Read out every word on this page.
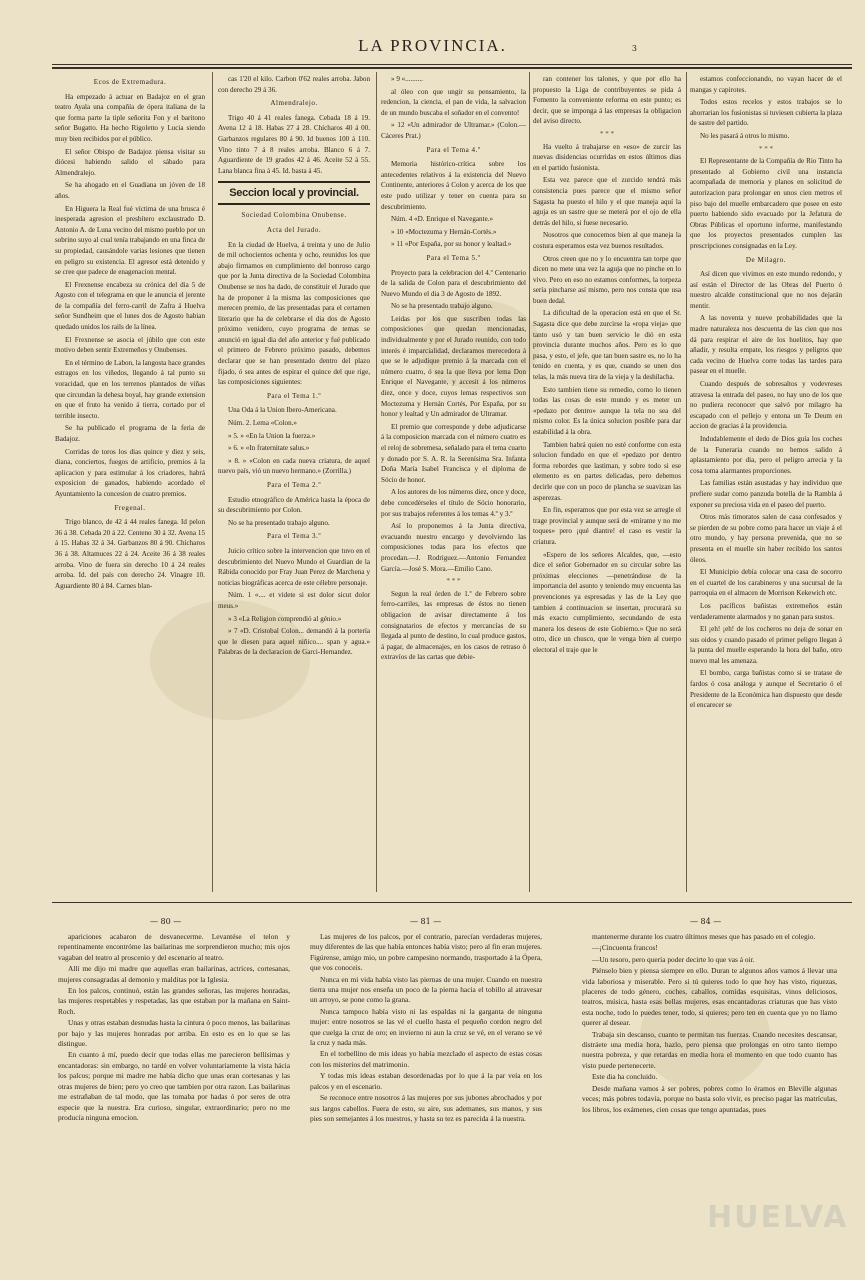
LA PROVINCIA.	3

Ecos de Extremadura.

Ha empezado á actuar en Badajoz en el gran teatro Ayala una compañía de ópera italiana de la que forma parte la tiple señorita Fon y el barítono señor Bugatto. Ha hecho Rigoletto y Lucia siendo muy bien recibidos por el público.

El señor Obispo de Badajoz piensa visitar su diócesi habiendo salido el sábado para Almendralejo.

Se ha ahogado en el Guadiana un jóven de 18 años.

En Higuera la Real fué víctima de una brusca é inesperada agresion el presbítero exclaustrado D. Antonio A. de Luna vecino del mismo pueblo por un sobrino suyo al cual tenía trabajando en una finca de su propiedad, causándole varias lesiones que tienen en peligro su existencia. El agresor está detenido y se cree que padece de enagenacion mental.

El Frexnense encabeza su crónica del dia 5 de Agosto con el telegrama en que le anuncia el jerente de la compañía del ferro-carril de Zafra á Huelva señor Sundheim que el lunes dos de Agosto habian quedado unidos los rails de la línea.

El Frexnense se asocia el júbilo que con este motivo deben sentir Extremeños y Onubenses.

En el término de Labon, la langosta hace grandes estragos en los viñedos, llegando á tal punto su voracidad, que en los terrenos plantados de viñas que circundan la dehesa boyal, hay grande extension en que el fruto ha venido á tierra, cortado por el terrible insecto.

Se ha publicado el programa de la feria de Badajoz.

Corridas de toros los dias quince y diez y seis, diana, conciertos, fuegos de artificio, premios á la aplicacion y para estimular á los criadores, habrá exposicion de ganados, habiendo acordado el Ayuntamiento la concesion de cuatro premios.

Fregenal.

Trigo blanco, de 42 á 44 reales fanega. Id pelon 36 á 38. Cebada 20 á 22. Centeno 30 á 32. Avena 15 á 15. Habas 32 á 34. Garbanzos 80 á 90. Chícharos 36 á 38. Altamuces 22 á 24. Aceite 36 á 38 reales arroba. Vino de fuera sin derecho 10 á 24 reales arroba. Id. del país con derecho 24. Vinagre 10. Aguardiente 80 á 84. Carnes blan-

cas 1'20 el kilo. Carbon 0'62 reales arroba. Jabon con derecho 29 á 36.

Almendralejo.

Trigo 40 á 41 reales fanega. Cebada 18 á 19. Avena 12 á 18. Habas 27 á 28. Chícharos 40 á 00. Garbanzos regulares 80 á 90. Id buenos 100 á 110. Vino tinto 7 á 8 reales arroba. Blanco 6 á 7. Aguardiente de 19 grados 42 á 46. Aceite 52 á 55. Lana blanca fina á 45. Id. basta á 45.

Seccion local y provincial.

Sociedad Colombina Onubense.

Acta del Jurado.

En la ciudad de Huelva, á treinta y uno de Julio de mil ochocientos ochenta y ocho, reunidos los que abajo firmamos en cumplimiento del honroso cargo que por la Junta directiva de la Sociedad Colombina Onubense se nos ha dado, de constituir el Jurado que ha de proponer á la misma las composiciones que merecen premio, de las presentadas para el certamen literario que ha de celebrarse el dia dos de Agosto próximo venidero, cuyo programa de temas se anunció en igual dia del año anterior y fué publicado el primero de Febrero próximo pasado, debemos declarar que se han presentado dentro del plazo fijado, ó sea antes de espirar el quince del que rige, las composiciones siguientes:

Para el Tema 1.º

Una Oda á la Union Ibero-Americana.

Núm. 2. Lema «Colon.»

» 5. » «En la Union la fuerza.»

» 6. » «In fraternitate salus.»

» 8. » «Colon en cada nueva criatura, de aquel nuevo país, vió un nuevo hermano.» (Zorrilla.)

Para el Tema 2.º

Estudio etnográfico de América hasta la época de su descubrimiento por Colon.

No se ha presentado trabajo alguno.

Para el Tema 3.º

Juicio crítico sobre la intervencion que tuvo en el descubrimiento del Nuevo Mundo el Guardian de la Rábida conocido por Fray Juan Perez de Marchena y noticias biográficas acerca de este célebre personaje.

Núm. 1 «.... et videte si est dolor sicut dolor meus.»

» 3 «La Religion comprendió al génio.»

» 7 «D. Cristobal Colon... demandó á la portería que le diesen para aquel niñico.... span y agua.» Palabras de la declaracion de Garci-Hernandez.

» 9 «..........

al óleo con que ungir su pensamiento, la redencion, la ciencia, el pan de vida, la salvacion de un mundo buscaba el soñador en el convento!

» 12 «Un admirador de Ultramar.» (Colon.—Cáceres Prat.)

Para el Tema 4.º

Memoria histórico-crítica sobre los antecedentes relativos á la existencia del Nuevo Continente, anteriores á Colon y acerca de los que este pudo utilizar y tener en cuenta para su descubrimiento.

Núm. 4 «D. Enrique el Navegante.»

» 10 «Moctezuma y Hernán-Cortés.»

» 11 «Por España, por su honor y lealtad.»

Para el Tema 5.º

Proyecto para la celebracion del 4.º Centenario de la salida de Colon para el descubrimiento del Nuevo Mundo el dia 3 de Agosto de 1892.

No se ha presentado trabajo alguno.

Leidas por los que suscriben todas las composiciones que quedan mencionadas, individualmente y por el Jurado reunido, con todo interés é imparcialidad, declaramos merecedora á que se le adjudique premio á la marcada con el número cuatro, ó sea la que lleva por lema Don Enrique el Navegante, y accesit á los números diez, once y doce, cuyos lemas respectivos son Moctezuma y Hernán Cortés, Por España, por su honor y lealtad y Un admirador de Ultramar.

El premio que corresponde y debe adjudicarse á la composicion marcada con el número cuatro es el reloj de sobremesa, señalado para el tema cuarto y donado por S. A. R. la Serenísima Sra. Infanta Doña María Isabel Francisca y el diploma de Sócio de honor.

A los autores de los números diez, once y doce, debe concedérseles el título de Sócio honorario, por sus trabajos referentes á los temas 4.º y 3.º

Así lo proponemos á la Junta directiva, evacuando nuestro encargo y devolviendo las composiciones todas para los efectos que procedan.—J. Rodriguez.—Antonio Fernandez García.—José S. Mora.—Emilio Cano.

* * *

Segun la real órden de 1.º de Febrero sobre ferro-carriles, las empresas de éstos no tienen obligacion de avisar directamente á los consignatarios de efectos y mercancías de su llegada al punto de destino, lo cual produce gastos, á pagar, de almacenajes, en los casos de retraso ó extravíos de las cartas que debie-

ran contener los talones, y que por ello ha propuesto la Liga de contribuyentes se pida á Fomento la conveniente reforma en este punto; es decir, que se imponga á las empresas la obligacion del aviso directo.

* * *

Ha vuelto á trabajarse en «eso» de zurcir las nuevas disidencias ocurridas en estos últimos dias en el partido fusionista.

Esta vez parece que el zurcido tendrá más consistencia pues parece que el mismo señor Sagasta ha puesto el hilo y el que maneja aquí la aguja es un sastre que se meterá por el ojo de ella detrás del hilo, si fuese necesario.

Nosotros que conocemos bien al que maneja la costura esperamos esta vez buenos resultados.

Otros creen que no y lo encuentra tan torpe que dicen no mete una vez la aguja que no pinche en lo vivo. Pero en eso no estamos conformes, la torpeza sería pincharse así mismo, pero nos consta que usa buen dedal.

La dificultad de la operacion está en que el Sr. Sagasta dice que debe zurcirse la «ropa vieja» que tanto usó y tan buen servicio le dió en esta provincia durante muchos años. Pero es lo que pasa, y esto, el jefe, que tan buen sastre es, no lo ha tenido en cuenta, y es que, cuando se unen dos telas, la más nueva tira de la vieja y la deshilacha.

Esto tambien tiene su remedio, como lo tienen todas las cosas de este mundo y es meter un «pedazo por dentro» aunque la tela no sea del mismo color. Es la única solucion posible para dar estabilidad á la obra.

Tambien habrá quien no esté conforme con esta solucion fundado en que el «pedazo por dentro forma rebordes que lastiman, y sobre todo si ese elemento es en partes delicadas, pero debemos decirle que con un poco de plancha se suavizan las asperezas.

En fin, esperamos que por esta vez se arregle el trage provincial y aunque será de «mírame y no me toques» pero ¡qué diantre! el caso es vestir la criatura.

«Espero de los señores Alcaldes, que, —esto dice el señor Gobernador en su circular sobre las próximas elecciones —penetrándose de la importancia del asunto y teniendo muy encuenta las prevenciones ya espresadas y las de la Ley que tambien á continuacion se insertan, procurará su más exacto cumplimiento, secundando de esta manera los deseos de este Gobierno.» Que no será otro, dice un chusco, que le venga bien al cuerpo electoral el traje que le

estamos confeccionando, no vayan hacer de el mangas y capirotes.

Todos estos recelos y estos trabajos se lo ahorrarian los fusionistas si tuviesen cubierta la plaza de sastre del partido.

No les pasará á otros lo mismo.

* * *

El Representante de la Compañía de Rio Tinto ha presentado al Gobierno civil una instancia acompañada de memoria y planos en solicitud de autorizacion para prolongar en unos cien metros el piso bajo del muelle embarcadero que posee en este puerto habiendo sido evacuado por la Jefatura de Obras Públicas el oportuno informe, manifestando que los proyectos presentados cumplen las prescripciones consignadas en la Ley.

De Milagro.

Así dicen que vivimos en este mundo redondo, y así están el Director de las Obras del Puerto ó nuestro alcalde constitucional que no nos dejarán mentir.

A las noventa y nueve probabilidades que la madre naturaleza nos descuenta de las cien que nos dá para respirar el aire de los huelitos, hay que añadir, y resulta empate, los riesgos y peligros que cada vecino de Huelva corre todas las tardes para pasear en el muelle.

Cuando después de sobresaltos y vodevreses atravesa la entrada del paseo, no hay uno de los que no pudiera reconocer que salvó por milagro ha escapado con el pellejo y entona un Te Deum en accion de gracias á la providencia.

Indudablemente el dedo de Dios guía los coches de la Funeraria cuando no hemos salido á aplastamiento por dia, pero el peligro arrecia y la cosa toma alarmantes proporciones.

Las familias están asustadas y hay individuo que prefiere sudar como panzuda botella de la Rambla á exponer su preciosa vida en el paseo del puerto.

Otros más timoratos salen de casa confesados y se pierden de su pobre como para hacer un viaje á el otro mundo, y hay persona prevenida, que no se presenta en el muelle sin haber recibido los santos óleos.

El Municipio debía colocar una casa de socorro en el cuartel de los carabineros y una sucursal de la parroquia en el almacen de Morrison Kekewich etc.

Los pacíficos bañistas extremeños están verdaderamente alarmados y no ganan para sustos.

El ¡eh! ¡eh! de los cocheros no deja de sonar en sus oidos y cuando pasado el primer peligro llegan á la punta del muelle esperando la hora del baño, otro nuevo mal les amenaza.

El bombo, carga bañistas como si se tratase de fardos ó cosa análoga y aunque el Secretario ó el Presidente de la Económica han dispuesto que desde el encarecer se

— 80 —	— 81 —	— 84 —

apariciones acabaron de desvanecerme. Levantése el telon y repentinamente encontróme las bailarinas me sorprendieron mucho; mis ojos vagaban del teatro al proscenio y del escenario al teatro.

Allí me dijo mi madre que aquellas eran bailarinas, actrices, cortesanas, mujeres consagradas al demonio y malditas por la Iglesia.

En los palcos, continuó, están las grandes señoras, las mujeres honradas, las mujeres respetables y respetadas, las que estaban por la mañana en Saint-Roch.

Unas y otras estaban desnudas hasta la cintura ó poco menos, las bailarinas por bajo y las mujeres honradas por arriba. En esto es en lo que se las distingue.

En cuanto á mí, puedo decir que todas ellas me parecieron bellísimas y encantadoras: sin embargo, no tardé en volver voluntariamente la vista hácia los palcos; porque mi madre me había dicho que unas eran cortesanas y las otras mujeres de bien; pero yo creo que tambien por otra razon. Las bailarinas me estrañaban de tal modo, que las tomaba por hadas ó por seres de otra especie que la nuestra. Era curioso, singular, extraordinario; pero no me producía ninguna emocion.

Las mujeres de los palcos, por el contrario, parecían verdaderas mujeres, muy diferentes de las que había entonces había visto; pero al fin eran mujeres. Figúrense, amigo mio, un pobre campesino normando, trasportado á la Ópera, que vos conoceis.

Nunca en mi vida había visto las piernas de una mujer. Cuando en nuestra tierra una mujer nos enseña un poco de la pierna hacia el tobillo al atravesar un arroyo, se pone como la grana.

Nunca tampoco había visto ni las espaldas ni la garganta de ninguna mujer: entre nosotros se las vé el cuello hasta el pequeño cordon negro del que cuelga la cruz de oro; en invierno ni aun la cruz se vé, en el verano se vé la cruz y nada más.

En el torbellino de mis ideas yo había mezclado el aspecto de estas cosas con los misterios del matrimonio.

Y todas mis ideas estaban desordenadas por lo que á la par veía en los palcos y en el escenario.

Se reconoce entre nosotros á las mujeres por sus jubones abrochados y por sus largos cabellos. Fuera de esto, su aire, sus ademanes, sus manos, y sus pies son semejantes á los nuestros, y hasta su tez es parecida á la nuestra.

mantenerme durante los cuatro últimos meses que has pasado en el colegio.

—¡Cincuenta francos!

—Un tesoro, pero quería poder decirte lo que vas á oir.

Piénselo bien y piensa siempre en ello. Duran te algunos años vamos á llevar una vida laboriosa y miserable. Pero si tú quieres todo lo que hoy has visto, riquezas, placeres de todo género, coches, caballos, comidas esquisitas, vinos deliciosos, teatros, música, hasta esas bellas mujeres, esas encantadoras criaturas que has visto esta noche, todo lo puedes tener, todo, si quieres; pero ten en cuenta que yo no llamo querer al desear.

Trabaja sin descanso, cuanto te permitan tus fuerzas. Cuando necesites descansar, distráete una media hora, hazlo, pero piensa que prolongas en otro tanto tiempo nuestra pobreza, y que retardas en media hora el momento en que todo cuanto has visto puede pertenecerte.

Este dia ha concluido.

Desde mañana vamos á ser pobres, pobres como lo éramos en Bleville algunas veces; más pobres todavía, porque no basta solo vivir, es preciso pagar las matrículas, los libros, los exámenes, cien cosas que tengo apuntadas, pues

HUELVA
